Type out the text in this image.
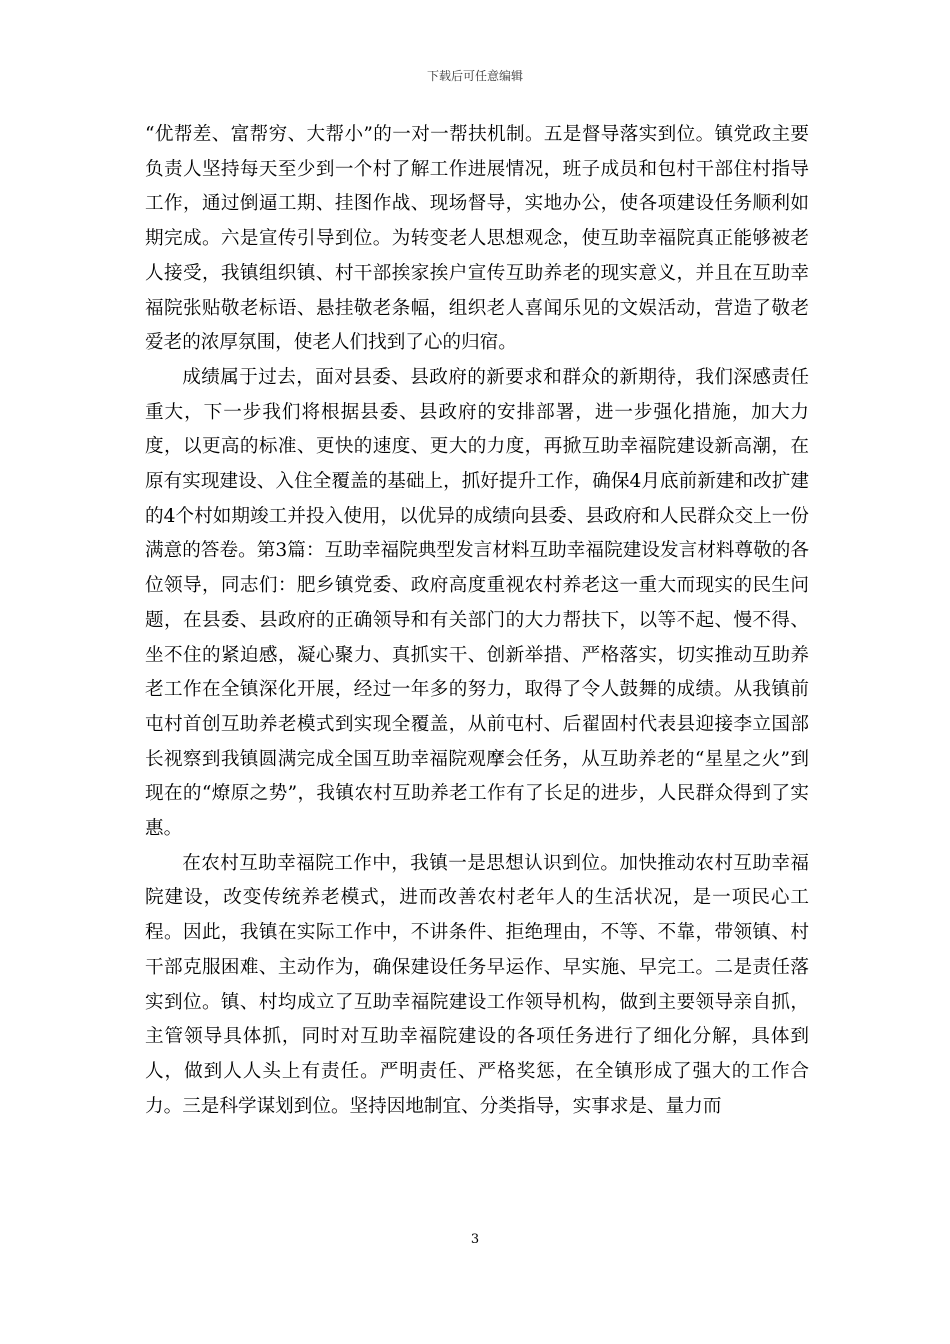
下载后可任意编辑

“优帮差、富帮穷、大帮小”的一对一帮扶机制。五是督导落实到位。镇党政主要负责人坚持每天至少到一个村了解工作进展情况，班子成员和包村干部住村指导工作，通过倒逼工期、挂图作战、现场督导，实地办公，使各项建设任务顺利如期完成。六是宣传引导到位。为转变老人思想观念，使互助幸福院真正能够被老人接受，我镇组织镇、村干部挨家挨户宣传互助养老的现实意义，并且在互助幸福院张贴敬老标语、悬挂敬老条幅，组织老人喜闻乐见的文娱活动，营造了敬老爱老的浓厚氛围，使老人们找到了心的归宿。

成绩属于过去，面对县委、县政府的新要求和群众的新期待，我们深感责任重大，下一步我们将根据县委、县政府的安排部署，进一步强化措施，加大力度，以更高的标准、更快的速度、更大的力度，再掀互助幸福院建设新高潮，在原有实现建设、入住全覆盖的基础上，抓好提升工作，确保4月底前新建和改扩建的4个村如期竣工并投入使用，以优异的成绩向县委、县政府和人民群众交上一份满意的答卷。第3篇：互助幸福院典型发言材料互助幸福院建设发言材料尊敬的各位领导，同志们：肥乡镇党委、政府高度重视农村养老这一重大而现实的民生问题，在县委、县政府的正确领导和有关部门的大力帮扶下，以等不起、慢不得、坐不住的紧迫感，凝心聚力、真抓实干、创新举措、严格落实，切实推动互助养老工作在全镇深化开展，经过一年多的努力，取得了令人鼓舞的成绩。从我镇前屯村首创互助养老模式到实现全覆盖，从前屯村、后翟固村代表县迎接李立国部长视察到我镇圆满完成全国互助幸福院观摩会任务，从互助养老的“星星之火”到现在的“燎原之势”，我镇农村互助养老工作有了长足的进步，人民群众得到了实惠。

在农村互助幸福院工作中，我镇一是思想认识到位。加快推动农村互助幸福院建设，改变传统养老模式，进而改善农村老年人的生活状况，是一项民心工程。因此，我镇在实际工作中，不讲条件、拒绝理由，不等、不靠，带领镇、村干部克服困难、主动作为，确保建设任务早运作、早实施、早完工。二是责任落实到位。镇、村均成立了互助幸福院建设工作领导机构，做到主要领导亲自抓，主管领导具体抓，同时对互助幸福院建设的各项任务进行了细化分解，具体到人，做到人人头上有责任。严明责任、严格奖惩，在全镇形成了强大的工作合力。三是科学谋划到位。坚持因地制宜、分类指导，实事求是、量力而

3
